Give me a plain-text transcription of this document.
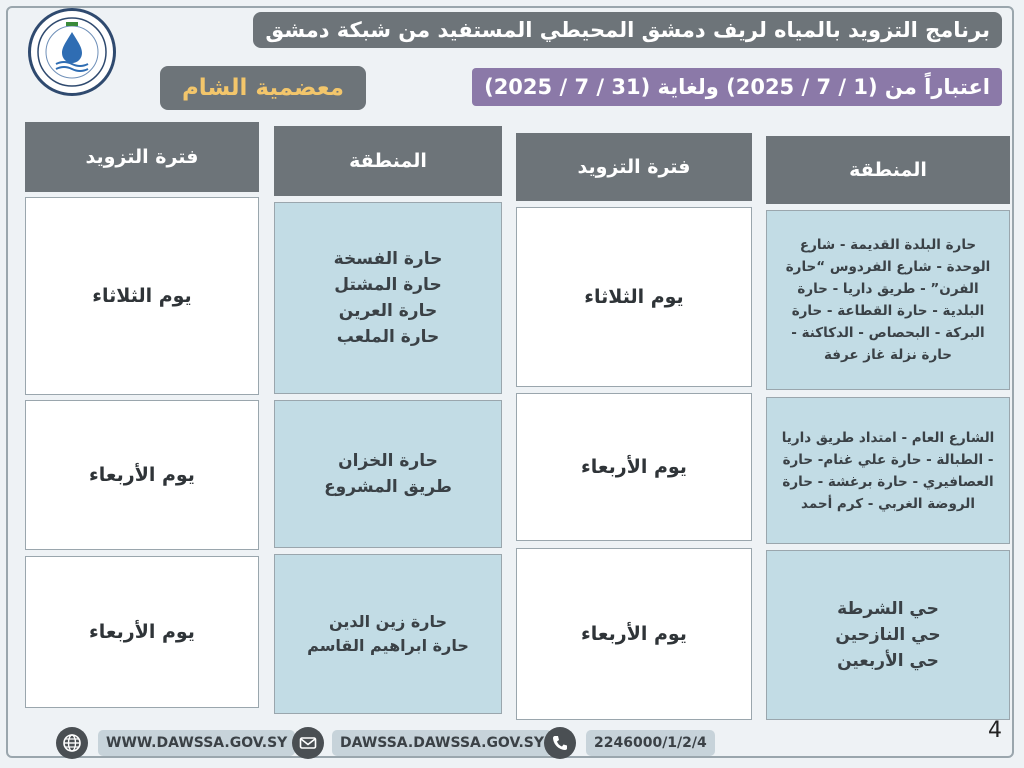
برنامج التزويد بالمياه لريف دمشق المحيطي المستفيد من شبكة دمشق
اعتباراً من (1 / 7 / 2025) ولغاية (31 / 7 / 2025)
معضمية الشام
المنطقة
فترة التزويد
حارة البلدة القديمة - شارع الوحدة - شارع الفردوس “حارة الفرن” - طريق داريا - حارة البلدية - حارة القطاعة - حارة البركة - البحصاص - الدكاكنة - حارة نزلة غاز عرفة
يوم الثلاثاء
الشارع العام - امتداد طريق داريا - الطبالة - حارة علي غنام- حارة العصافيري - حارة برغشة - حارة الروضة الغربي - كرم أحمد
يوم الأربعاء
حي الشرطة
حي النازحين
حي الأربعين
يوم الأربعاء
المنطقة
فترة التزويد
حارة الفسخة
حارة المشتل
حارة العرين
حارة الملعب
يوم الثلاثاء
حارة الخزان
طريق المشروع
يوم الأربعاء
حارة زين الدين
حارة ابراهيم القاسم
يوم الأربعاء
4
WWW.DAWSSA.GOV.SY	DAWSSA.DAWSSA.GOV.SY	2246000/1/2/4
